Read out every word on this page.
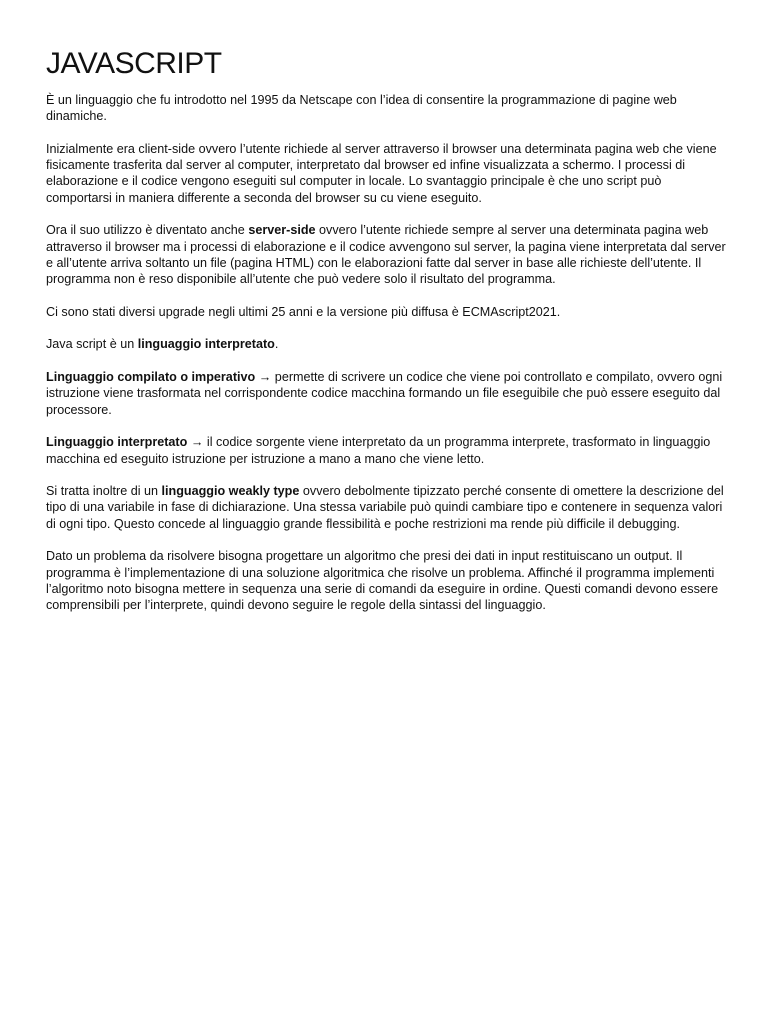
JAVASCRIPT

È un linguaggio che fu introdotto nel 1995 da Netscape con l’idea di consentire la programmazione di pagine web dinamiche.

Inizialmente era client-side ovvero l’utente richiede al server attraverso il browser una determinata pagina web che viene fisicamente trasferita dal server al computer, interpretato dal browser ed infine visualizzata a schermo. I processi di elaborazione e il codice vengono eseguiti sul computer in locale. Lo svantaggio principale è che uno script può comportarsi in maniera differente a seconda del browser su cu viene eseguito.

Ora il suo utilizzo è diventato anche server-side ovvero l’utente richiede sempre al server una determinata pagina web attraverso il browser ma i processi di elaborazione e il codice avvengono sul server, la pagina viene interpretata dal server e all’utente arriva soltanto un file (pagina HTML) con le elaborazioni fatte dal server in base alle richieste dell’utente. Il programma non è reso disponibile all’utente che può vedere solo il risultato del programma.

Ci sono stati diversi upgrade negli ultimi 25 anni e la versione più diffusa è ECMAscript2021.

Java script è un linguaggio interpretato.

Linguaggio compilato o imperativo → permette di scrivere un codice che viene poi controllato e compilato, ovvero ogni istruzione viene trasformata nel corrispondente codice macchina formando un file eseguibile che può essere eseguito dal processore.

Linguaggio interpretato → il codice sorgente viene interpretato da un programma interprete, trasformato in linguaggio macchina ed eseguito istruzione per istruzione a mano a mano che viene letto.

Si tratta inoltre di un linguaggio weakly type ovvero debolmente tipizzato perché consente di omettere la descrizione del tipo di una variabile in fase di dichiarazione. Una stessa variabile può quindi cambiare tipo e contenere in sequenza valori di ogni tipo. Questo concede al linguaggio grande flessibilità e poche restrizioni ma rende più difficile il debugging.

Dato un problema da risolvere bisogna progettare un algoritmo che presi dei dati in input restituiscano un output. Il programma è l’implementazione di una soluzione algoritmica che risolve un problema. Affinché il programma implementi l’algoritmo noto bisogna mettere in sequenza una serie di comandi da eseguire in ordine. Questi comandi devono essere comprensibili per l’interprete, quindi devono seguire le regole della sintassi del linguaggio.
